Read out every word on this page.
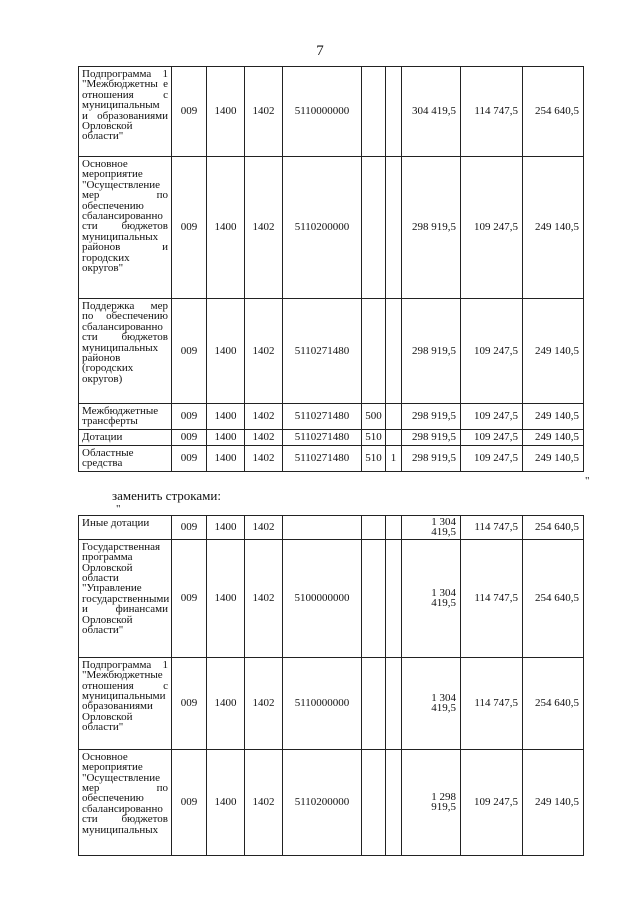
7
Подпрограмма 1 "Межбюджетны е отношения с муниципальным и образованиями Орловской области"	009	1400	1402	5110000000			304 419,5	114 747,5	254 640,5
Основное мероприятие "Осуществление мер по обеспечению сбалансированно сти бюджетов муниципальных районов и городских округов"	009	1400	1402	5110200000			298 919,5	109 247,5	249 140,5
Поддержка мер по обеспечению сбалансированно сти бюджетов муниципальных районов (городских округов)	009	1400	1402	5110271480			298 919,5	109 247,5	249 140,5
Межбюджетные трансферты	009	1400	1402	5110271480	500		298 919,5	109 247,5	249 140,5
Дотации	009	1400	1402	5110271480	510		298 919,5	109 247,5	249 140,5
Областные средства	009	1400	1402	5110271480	510	1	298 919,5	109 247,5	249 140,5
"
заменить строками:
"
Иные дотации	009	1400	1402				1 304 419,5	114 747,5	254 640,5
Государственная программа Орловской области "Управление государственными и финансами Орловской области"	009	1400	1402	5100000000			1 304 419,5	114 747,5	254 640,5
Подпрограмма 1 "Межбюджетные отношения с муниципальными образованиями Орловской области"	009	1400	1402	5110000000			1 304 419,5	114 747,5	254 640,5
Основное мероприятие "Осуществление мер по обеспечению сбалансированно сти бюджетов муниципальных	009	1400	1402	5110200000			1 298 919,5	109 247,5	249 140,5
